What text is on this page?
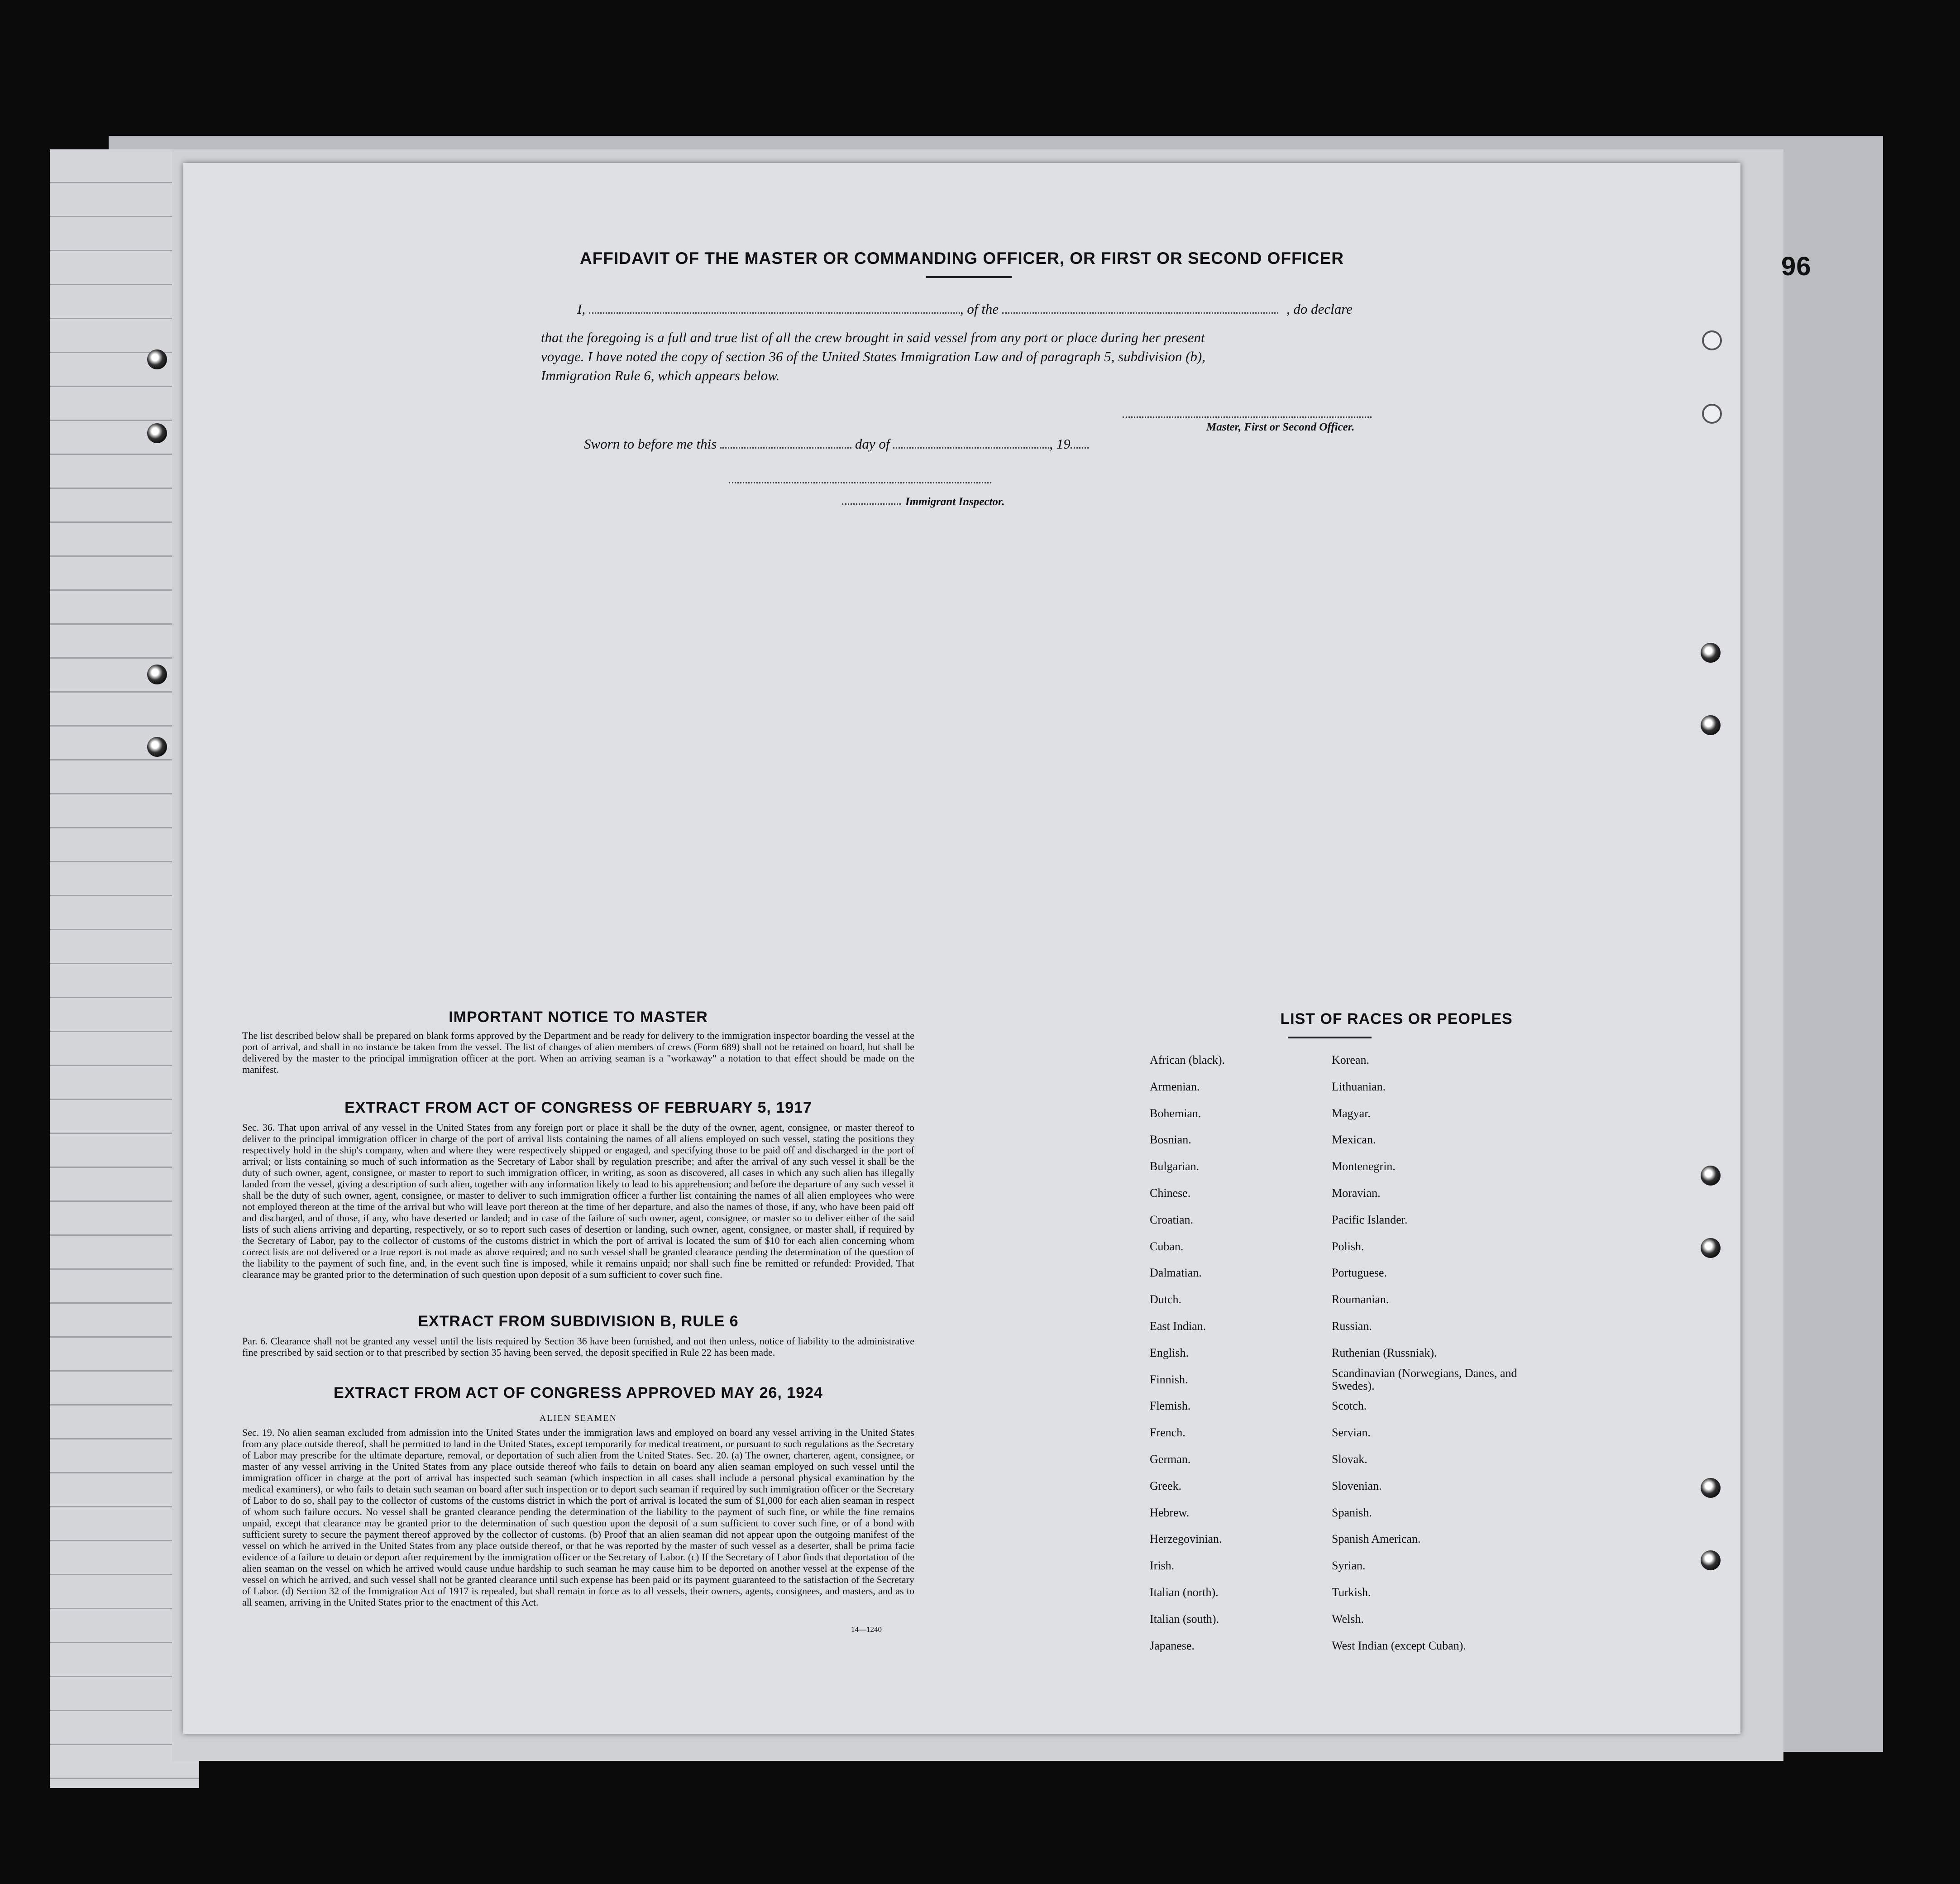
96
AFFIDAVIT OF THE MASTER OR COMMANDING OFFICER, OR FIRST OR SECOND OFFICER
I,	, of the	, do declare
that the foregoing is a full and true list of all the crew brought in said vessel from any port or place during her present
voyage. I have noted the copy of section 36 of the United States Immigration Law and of paragraph 5, subdivision (b),
Immigration Rule 6, which appears below.
Master, First or Second Officer.
Sworn to before me this	day of	, 19
Immigrant Inspector.
IMPORTANT NOTICE TO MASTER
The list described below shall be prepared on blank forms approved by the Department and be ready for delivery to the immigration inspector boarding the vessel at the port of arrival, and shall in no instance be taken from the vessel. The list of changes of alien members of crews (Form 689) shall not be retained on board, but shall be delivered by the master to the principal immigration officer at the port. When an arriving seaman is a "workaway" a notation to that effect should be made on the manifest.
EXTRACT FROM ACT OF CONGRESS OF FEBRUARY 5, 1917
Sec. 36. That upon arrival of any vessel in the United States from any foreign port or place it shall be the duty of the owner, agent, consignee, or master thereof to deliver to the principal immigration officer in charge of the port of arrival lists containing the names of all aliens employed on such vessel, stating the positions they respectively hold in the ship's company, when and where they were respectively shipped or engaged, and specifying those to be paid off and discharged in the port of arrival; or lists containing so much of such information as the Secretary of Labor shall by regulation prescribe; and after the arrival of any such vessel it shall be the duty of such owner, agent, consignee, or master to report to such immigration officer, in writing, as soon as discovered, all cases in which any such alien has illegally landed from the vessel, giving a description of such alien, together with any information likely to lead to his apprehension; and before the departure of any such vessel it shall be the duty of such owner, agent, consignee, or master to deliver to such immigration officer a further list containing the names of all alien employees who were not employed thereon at the time of the arrival but who will leave port thereon at the time of her departure, and also the names of those, if any, who have been paid off and discharged, and of those, if any, who have deserted or landed; and in case of the failure of such owner, agent, consignee, or master so to deliver either of the said lists of such aliens arriving and departing, respectively, or so to report such cases of desertion or landing, such owner, agent, consignee, or master shall, if required by the Secretary of Labor, pay to the collector of customs of the customs district in which the port of arrival is located the sum of $10 for each alien concerning whom correct lists are not delivered or a true report is not made as above required; and no such vessel shall be granted clearance pending the determination of the question of the liability to the payment of such fine, and, in the event such fine is imposed, while it remains unpaid; nor shall such fine be remitted or refunded: Provided, That clearance may be granted prior to the determination of such question upon deposit of a sum sufficient to cover such fine.
EXTRACT FROM SUBDIVISION B, RULE 6
Par. 6. Clearance shall not be granted any vessel until the lists required by Section 36 have been furnished, and not then unless, notice of liability to the administrative fine prescribed by said section or to that prescribed by section 35 having been served, the deposit specified in Rule 22 has been made.
EXTRACT FROM ACT OF CONGRESS APPROVED MAY 26, 1924
ALIEN SEAMEN
Sec. 19. No alien seaman excluded from admission into the United States under the immigration laws and employed on board any vessel arriving in the United States from any place outside thereof, shall be permitted to land in the United States, except temporarily for medical treatment, or pursuant to such regulations as the Secretary of Labor may prescribe for the ultimate departure, removal, or deportation of such alien from the United States. Sec. 20. (a) The owner, charterer, agent, consignee, or master of any vessel arriving in the United States from any place outside thereof who fails to detain on board any alien seaman employed on such vessel until the immigration officer in charge at the port of arrival has inspected such seaman (which inspection in all cases shall include a personal physical examination by the medical examiners), or who fails to detain such seaman on board after such inspection or to deport such seaman if required by such immigration officer or the Secretary of Labor to do so, shall pay to the collector of customs of the customs district in which the port of arrival is located the sum of $1,000 for each alien seaman in respect of whom such failure occurs. No vessel shall be granted clearance pending the determination of the liability to the payment of such fine, or while the fine remains unpaid, except that clearance may be granted prior to the determination of such question upon the deposit of a sum sufficient to cover such fine, or of a bond with sufficient surety to secure the payment thereof approved by the collector of customs. (b) Proof that an alien seaman did not appear upon the outgoing manifest of the vessel on which he arrived in the United States from any place outside thereof, or that he was reported by the master of such vessel as a deserter, shall be prima facie evidence of a failure to detain or deport after requirement by the immigration officer or the Secretary of Labor. (c) If the Secretary of Labor finds that deportation of the alien seaman on the vessel on which he arrived would cause undue hardship to such seaman he may cause him to be deported on another vessel at the expense of the vessel on which he arrived, and such vessel shall not be granted clearance until such expense has been paid or its payment guaranteed to the satisfaction of the Secretary of Labor. (d) Section 32 of the Immigration Act of 1917 is repealed, but shall remain in force as to all vessels, their owners, agents, consignees, and masters, and as to all seamen, arriving in the United States prior to the enactment of this Act.
14—1240
LIST OF RACES OR PEOPLES
African (black).
Armenian.
Bohemian.
Bosnian.
Bulgarian.
Chinese.
Croatian.
Cuban.
Dalmatian.
Dutch.
East Indian.
English.
Finnish.
Flemish.
French.
German.
Greek.
Hebrew.
Herzegovinian.
Irish.
Italian (north).
Italian (south).
Japanese.
Korean.
Lithuanian.
Magyar.
Mexican.
Montenegrin.
Moravian.
Pacific Islander.
Polish.
Portuguese.
Roumanian.
Russian.
Ruthenian (Russniak).
Scandinavian (Norwegians, Danes, and Swedes).
Scotch.
Servian.
Slovak.
Slovenian.
Spanish.
Spanish American.
Syrian.
Turkish.
Welsh.
West Indian (except Cuban).
